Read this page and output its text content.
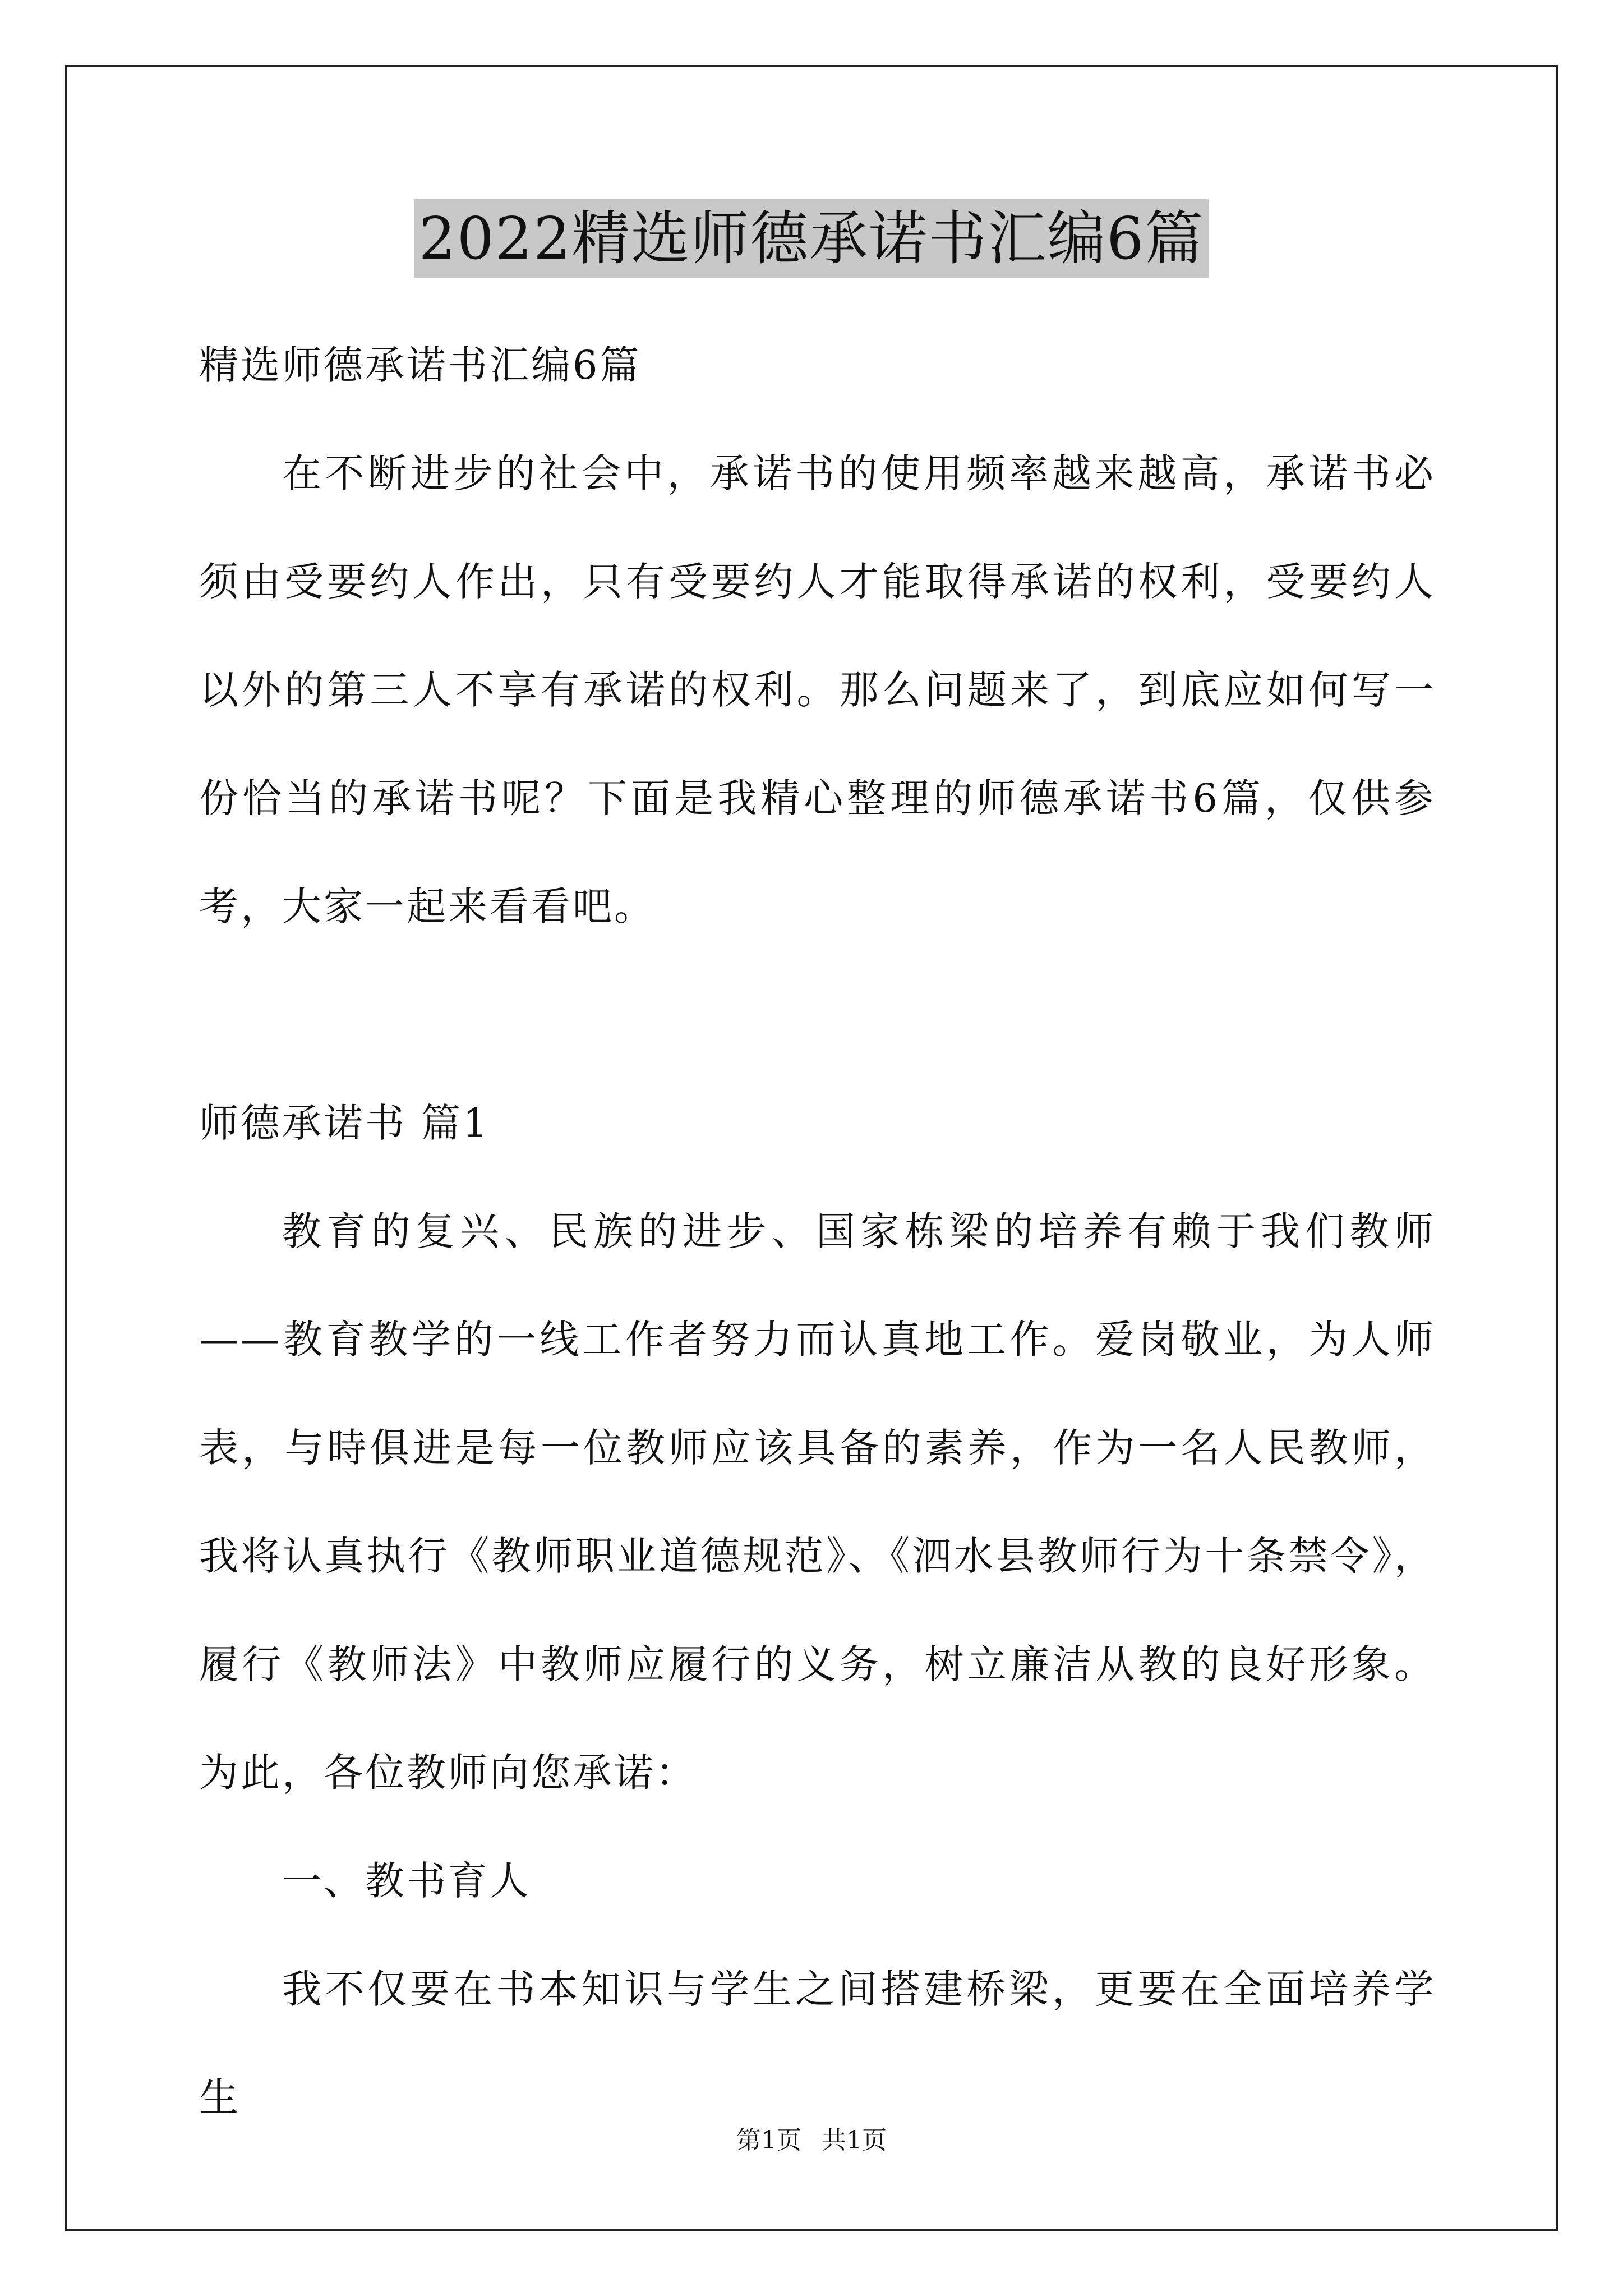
2022精选师德承诺书汇编6篇

精选师德承诺书汇编6篇

在不断进步的社会中，承诺书的使用频率越来越高，承诺书必须由受要约人作出，只有受要约人才能取得承诺的权利，受要约人以外的第三人不享有承诺的权利。那么问题来了，到底应如何写一份恰当的承诺书呢？下面是我精心整理的师德承诺书6篇，仅供参考，大家一起来看看吧。

师德承诺书 篇1

教育的复兴、民族的进步、国家栋梁的培养有赖于我们教师——教育教学的一线工作者努力而认真地工作。爱岗敬业，为人师表，与時俱进是每一位教师应该具备的素养，作为一名人民教师，我将认真执行《教师职业道德规范》、《泗水县教师行为十条禁令》，履行《教师法》中教师应履行的义务，树立廉洁从教的良好形象。为此，各位教师向您承诺：

一、教书育人

我不仅要在书本知识与学生之间搭建桥梁，更要在全面培养学生

第1页 共1页
